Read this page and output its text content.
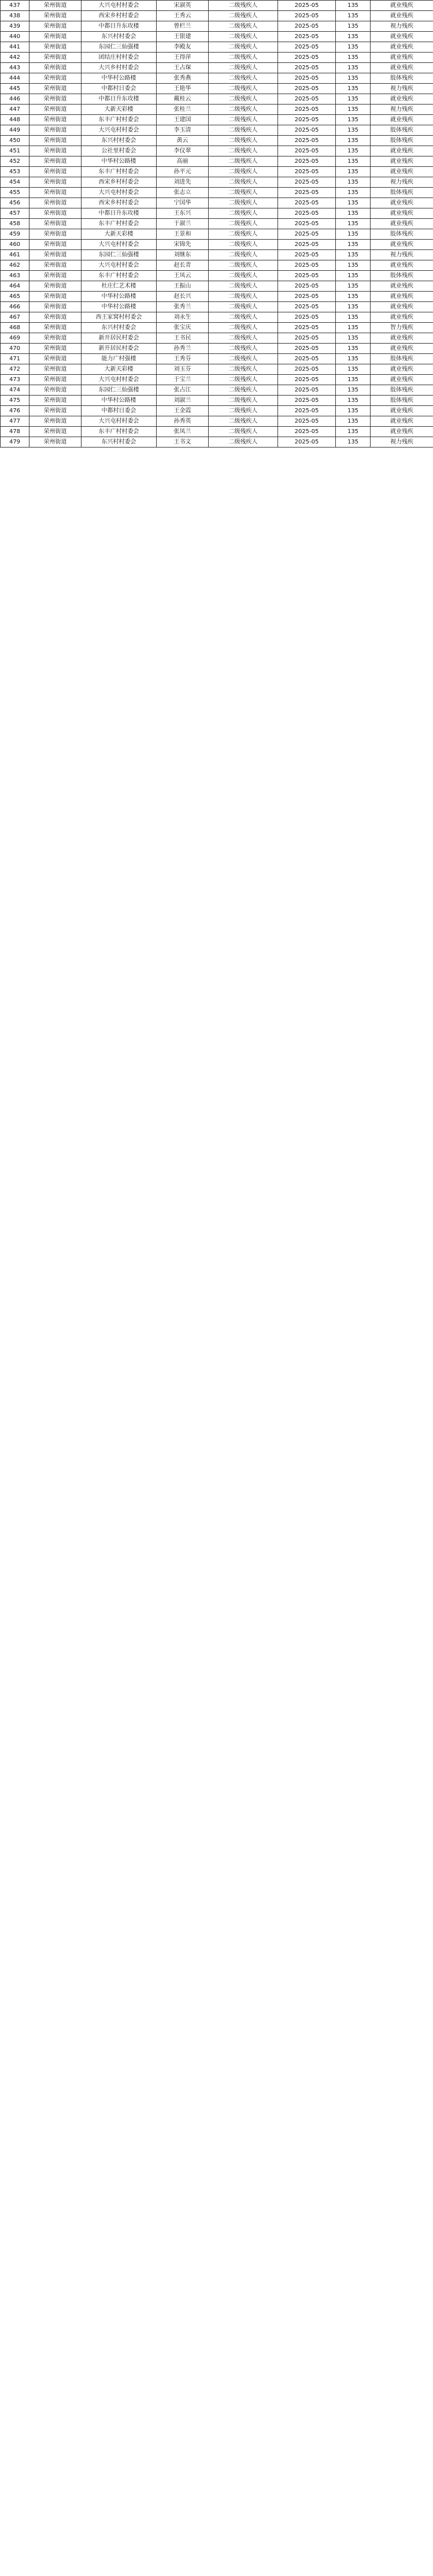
437	荣州街道	大兴屯村村委会	宋淑英	二级残疾人	2025-05	135	就业残疾
438	荣州街道	西宋乡村村委会	王秀云	二级残疾人	2025-05	135	就业残疾
439	荣州街道	中都日升东攻楼	曾栏兰	二级残疾人	2025-05	135	视力残疾
440	荣州街道	东兴村村委会	王银建	二级残疾人	2025-05	135	就业残疾
441	荣州街道	东园仁三仙强楼	李殿友	二级残疾人	2025-05	135	就业残疾
442	荣州街道	团结庄村村委会	王得萍	二级残疾人	2025-05	135	就业残疾
443	荣州街道	大兴乡村村委会	王占琛	二级残疾人	2025-05	135	就业残疾
444	荣州街道	中华村公路楼	张秀燕	二级残疾人	2025-05	135	肢体残疾
445	荣州街道	中都村日委会	王艳华	二级残疾人	2025-05	135	视力残疾
446	荣州街道	中都日升东攻楼	戴桂云	二级残疾人	2025-05	135	就业残疾
447	荣州街道	大新天彩楼	张桂兰	二级残疾人	2025-05	135	视力残疾
448	荣州街道	东丰广村村委会	王建国	二级残疾人	2025-05	135	就业残疾
449	荣州街道	大兴屯村村委会	李玉清	二级残疾人	2025-05	135	肢体残疾
450	荣州街道	东兴村村委会	黄云	二级残疾人	2025-05	135	肢体残疾
451	荣州街道	公社里村委会	李仪翠	二级残疾人	2025-05	135	就业残疾
452	荣州街道	中华村公路楼	高丽	二级残疾人	2025-05	135	就业残疾
453	荣州街道	东丰广村村委会	孙平元	二级残疾人	2025-05	135	就业残疾
454	荣州街道	西宋乡村村委会	刘进先	二级残疾人	2025-05	135	视力残疾
455	荣州街道	大兴屯村村委会	张志立	二级残疾人	2025-05	135	肢体残疾
456	荣州街道	西宋乡村村委会	宁国华	二级残疾人	2025-05	135	就业残疾
457	荣州街道	中都日升东攻楼	王东兴	二级残疾人	2025-05	135	就业残疾
458	荣州街道	东丰广村村委会	于淑兰	二级残疾人	2025-05	135	就业残疾
459	荣州街道	大新天彩楼	王景和	二级残疾人	2025-05	135	肢体残疾
460	荣州街道	大兴屯村村委会	宋锦先	二级残疾人	2025-05	135	就业残疾
461	荣州街道	东园仁三仙强楼	刘继东	二级残疾人	2025-05	135	视力残疾
462	荣州街道	大兴屯村村委会	赵长青	二级残疾人	2025-05	135	就业残疾
463	荣州街道	东丰广村村委会	王凤云	二级残疾人	2025-05	135	肢体残疾
464	荣州街道	杜庄仁艺术楼	王振山	二级残疾人	2025-05	135	就业残疾
465	荣州街道	中华村公路楼	赵长兴	二级残疾人	2025-05	135	就业残疾
466	荣州街道	中华村公路楼	张秀兰	二级残疾人	2025-05	135	就业残疾
467	荣州街道	西王家窝村村委会	刘永生	二级残疾人	2025-05	135	就业残疾
468	荣州街道	东兴村村委会	张宝庆	二级残疾人	2025-05	135	智力残疾
469	荣州街道	新开居民村委会	王书民	二级残疾人	2025-05	135	就业残疾
470	荣州街道	新开居民村委会	孙秀兰	二级残疾人	2025-05	135	就业残疾
471	荣州街道	能力广村强楼	王秀芬	二级残疾人	2025-05	135	肢体残疾
472	荣州街道	大新天彩楼	刘玉芬	二级残疾人	2025-05	135	就业残疾
473	荣州街道	大兴屯村村委会	于宝兰	二级残疾人	2025-05	135	就业残疾
474	荣州街道	东园仁三仙强楼	张占江	二级残疾人	2025-05	135	肢体残疾
475	荣州街道	中华村公路楼	刘淑兰	二级残疾人	2025-05	135	肢体残疾
476	荣州街道	中都村日委会	王金霞	二级残疾人	2025-05	135	就业残疾
477	荣州街道	大兴屯村村委会	孙秀英	二级残疾人	2025-05	135	就业残疾
478	荣州街道	东丰广村村委会	张凤兰	二级残疾人	2025-05	135	就业残疾
479	荣州街道	东兴村村委会	王书文	二级残疾人	2025-05	135	视力残疾
